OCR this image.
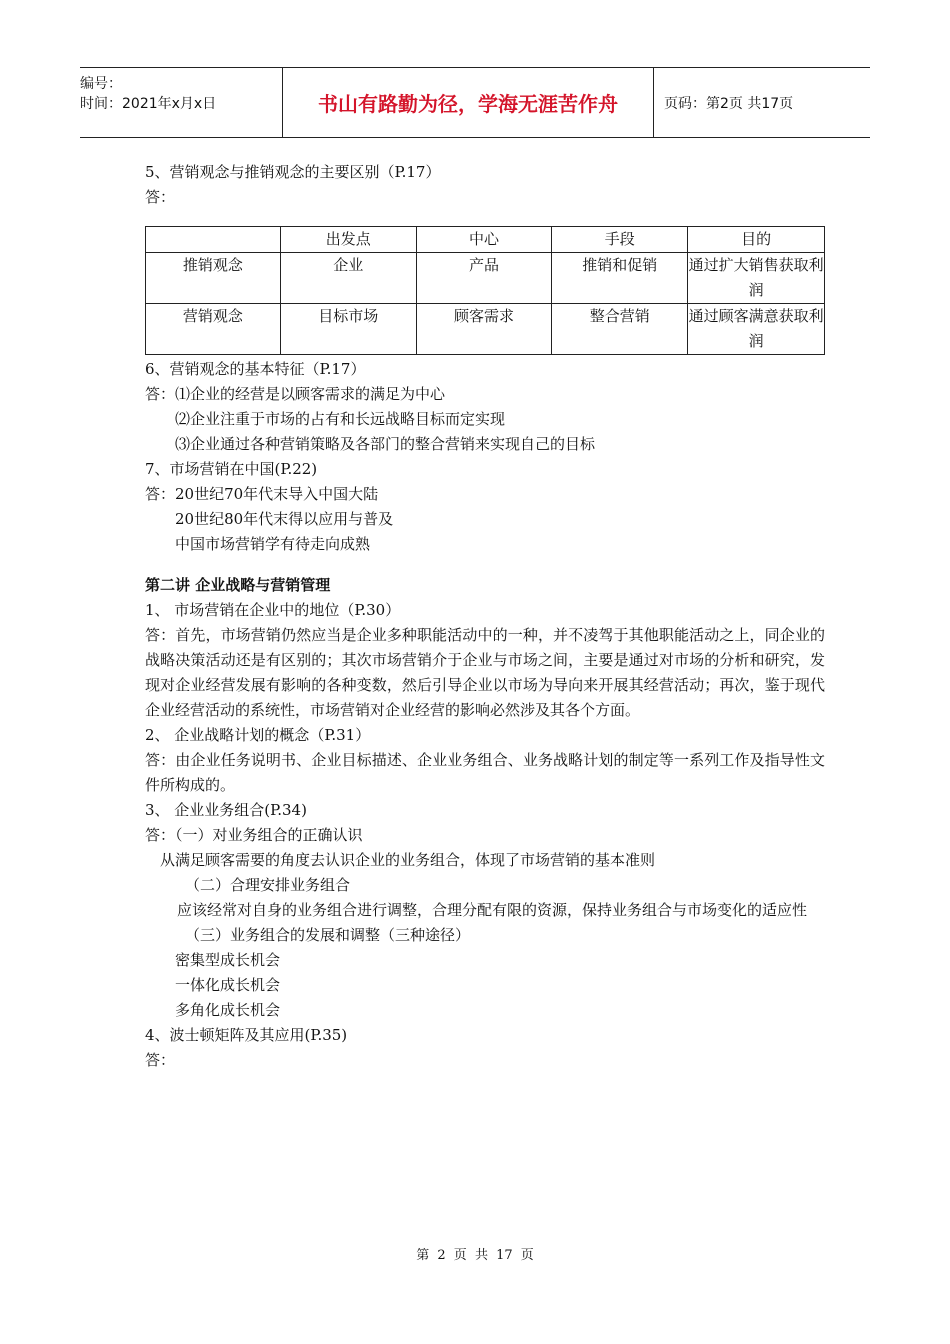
编号：
时间：2021年x月x日	书山有路勤为径，学海无涯苦作舟	页码：第2页 共17页
5、营销观念与推销观念的主要区别（P.17）
答：
	出发点	中心	手段	目的
推销观念	企业	产品	推销和促销	通过扩大销售获取利润
营销观念	目标市场	顾客需求	整合营销	通过顾客满意获取利润
6、营销观念的基本特征（P.17）
答：⑴企业的经营是以顾客需求的满足为中心
⑵企业注重于市场的占有和长远战略目标而定实现
⑶企业通过各种营销策略及各部门的整合营销来实现自己的目标
7、市场营销在中国(P.22)
答：20世纪70年代末导入中国大陆
20世纪80年代末得以应用与普及
中国市场营销学有待走向成熟
第二讲 企业战略与营销管理
1、 市场营销在企业中的地位（P.30）
答：首先，市场营销仍然应当是企业多种职能活动中的一种，并不凌驾于其他职能活动之上，同企业的战略决策活动还是有区别的；其次市场营销介于企业与市场之间，主要是通过对市场的分析和研究，发现对企业经营发展有影响的各种变数，然后引导企业以市场为导向来开展其经营活动；再次，鉴于现代企业经营活动的系统性，市场营销对企业经营的影响必然涉及其各个方面。
2、 企业战略计划的概念（P.31）
答：由企业任务说明书、企业目标描述、企业业务组合、业务战略计划的制定等一系列工作及指导性文件所构成的。
3、 企业业务组合(P.34)
答：（一）对业务组合的正确认识
从满足顾客需要的角度去认识企业的业务组合，体现了市场营销的基本准则
（二）合理安排业务组合
应该经常对自身的业务组合进行调整，合理分配有限的资源，保持业务组合与市场变化的适应性
（三）业务组合的发展和调整（三种途径）
密集型成长机会
一体化成长机会
多角化成长机会
4、波士顿矩阵及其应用(P.35)
答：
第 2 页 共 17 页
